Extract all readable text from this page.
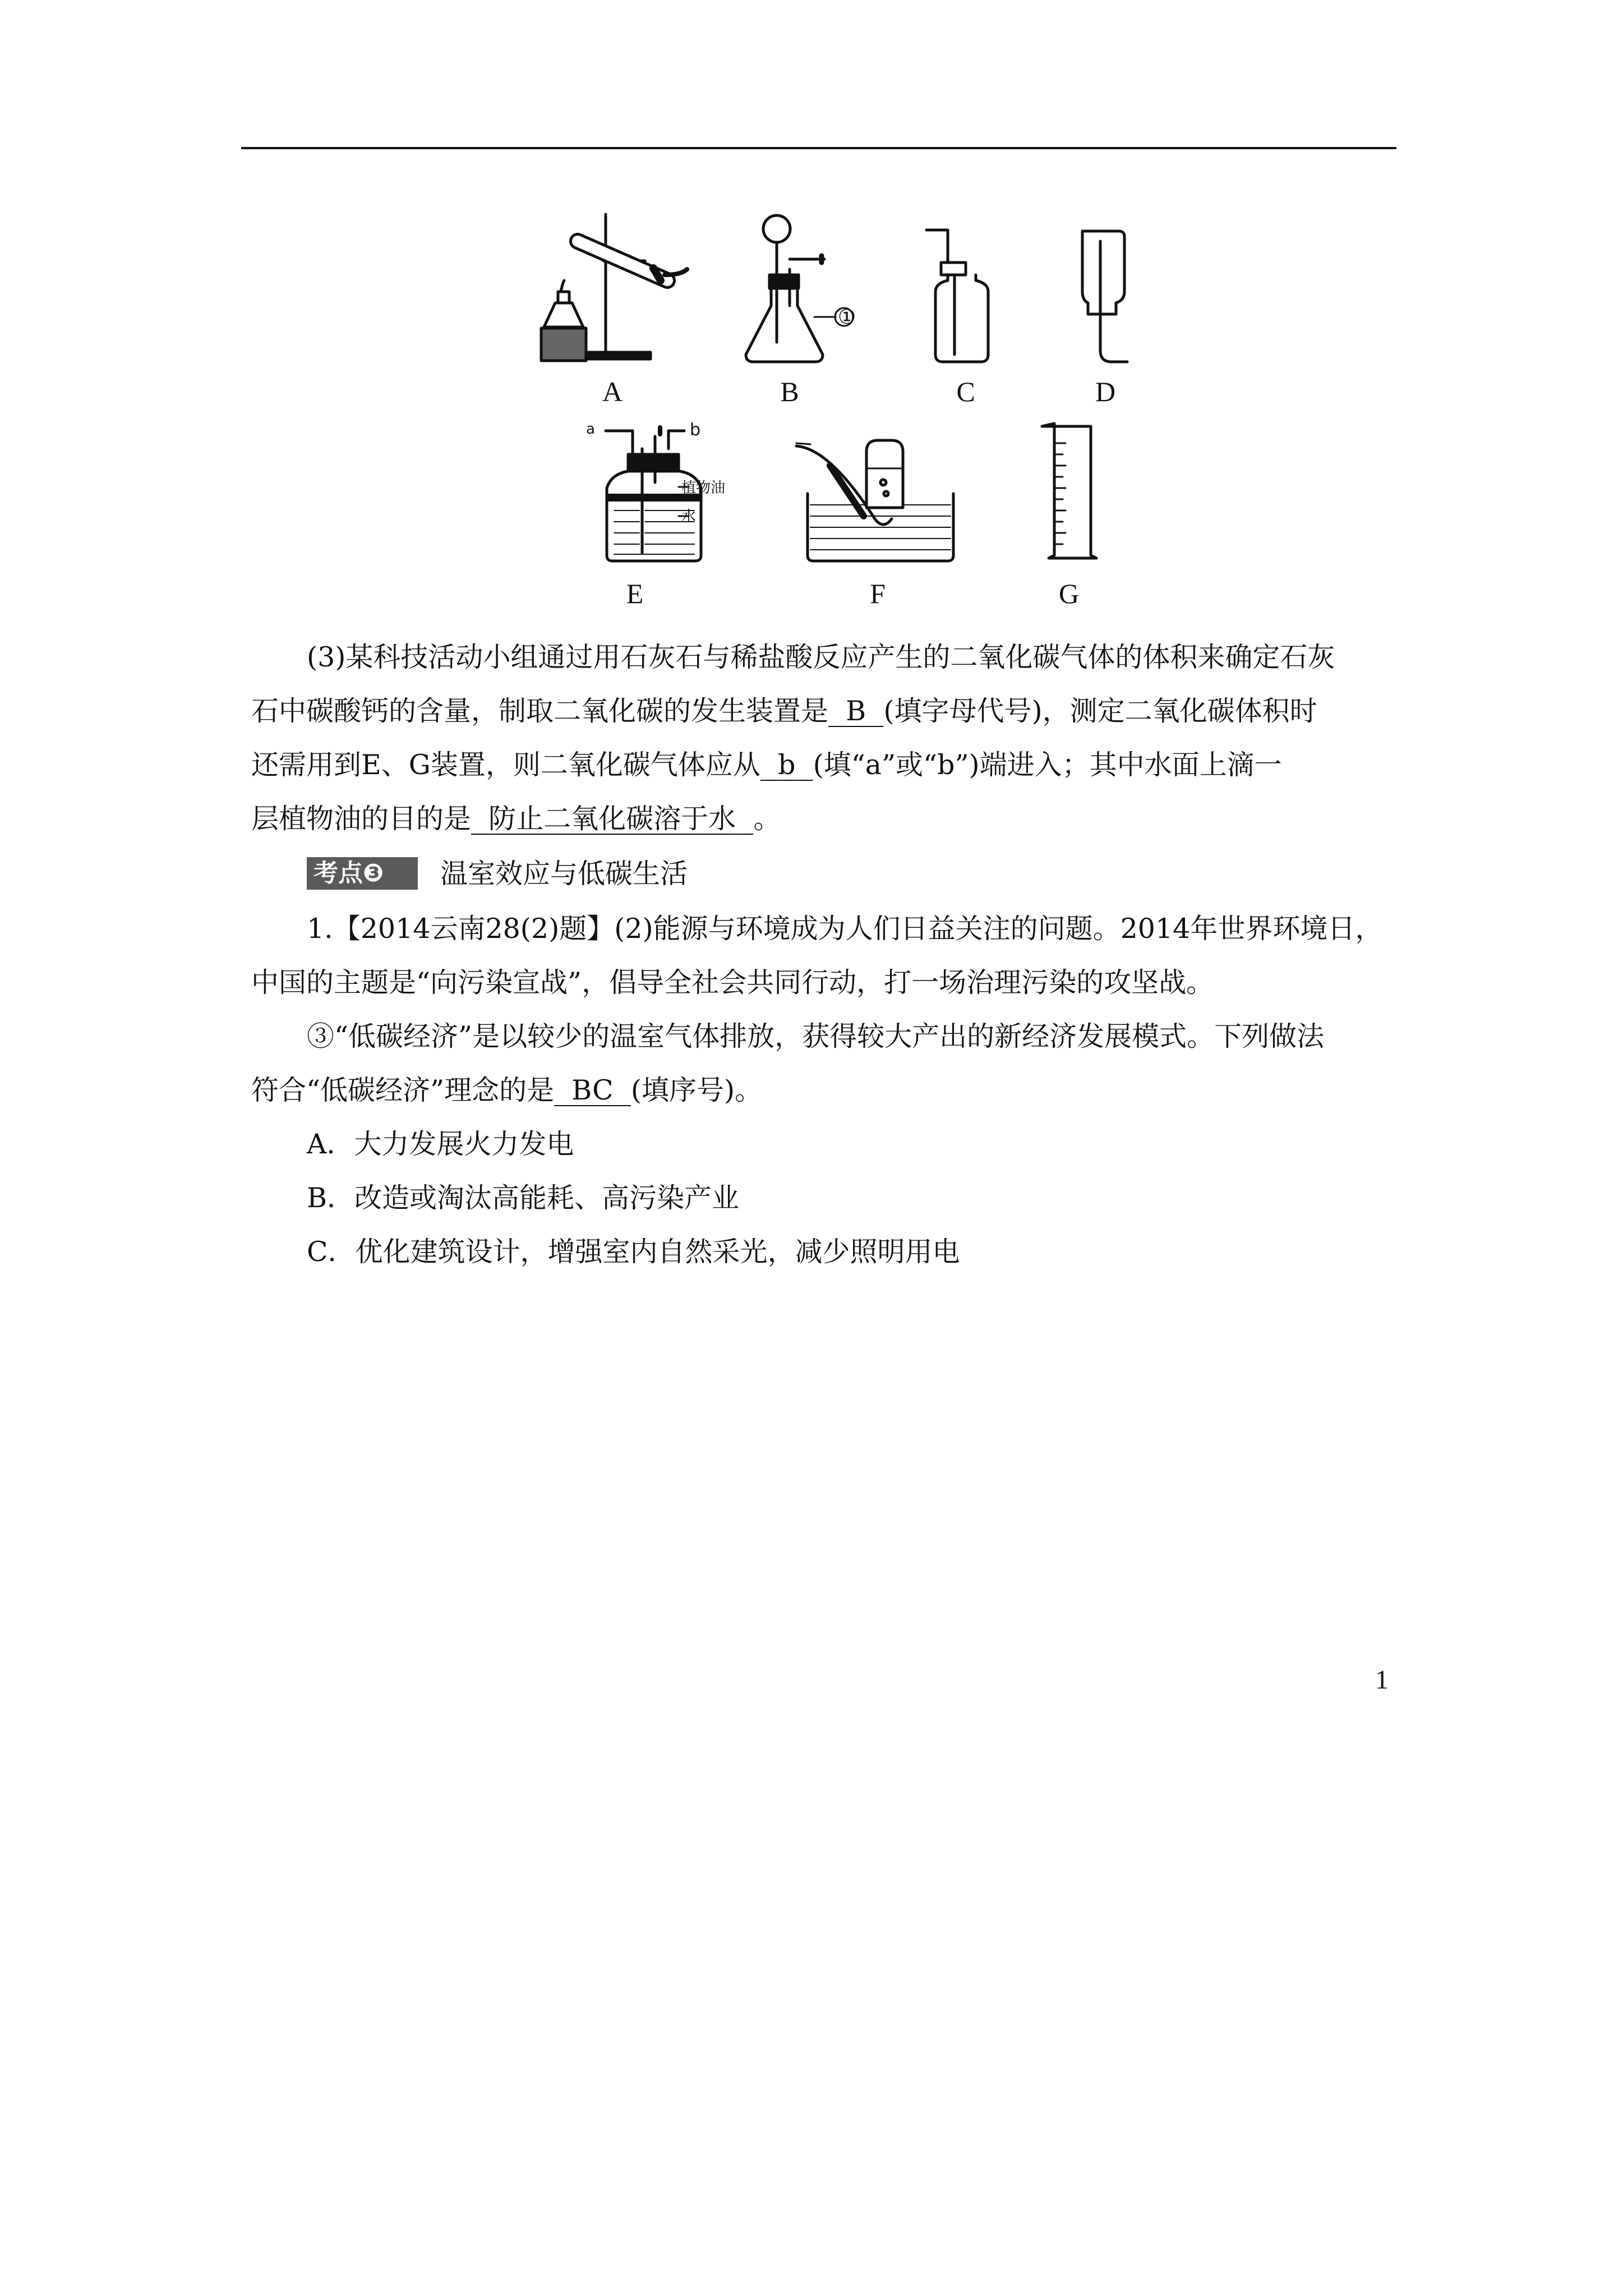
A	B	C	D
E	F	G
①
a	b
植物油
水
(3)某科技活动小组通过用石灰石与稀盐酸反应产生的二氧化碳气体的体积来确定石灰
石中碳酸钙的含量，制取二氧化碳的发生装置是 B (填字母代号)，测定二氧化碳体积时
还需用到E、G装置，则二氧化碳气体应从 b (填“a”或“b”)端进入；其中水面上滴一
层植物油的目的是 防止二氧化碳溶于水 。
考点❸	温室效应与低碳生活
1.【2014云南28(2)题】(2)能源与环境成为人们日益关注的问题。2014年世界环境日，
中国的主题是“向污染宣战”，倡导全社会共同行动，打一场治理污染的攻坚战。
③“低碳经济”是以较少的温室气体排放，获得较大产出的新经济发展模式。下列做法
符合“低碳经济”理念的是 BC (填序号)。
A．大力发展火力发电
B．改造或淘汰高能耗、高污染产业
C．优化建筑设计，增强室内自然采光，减少照明用电
1
